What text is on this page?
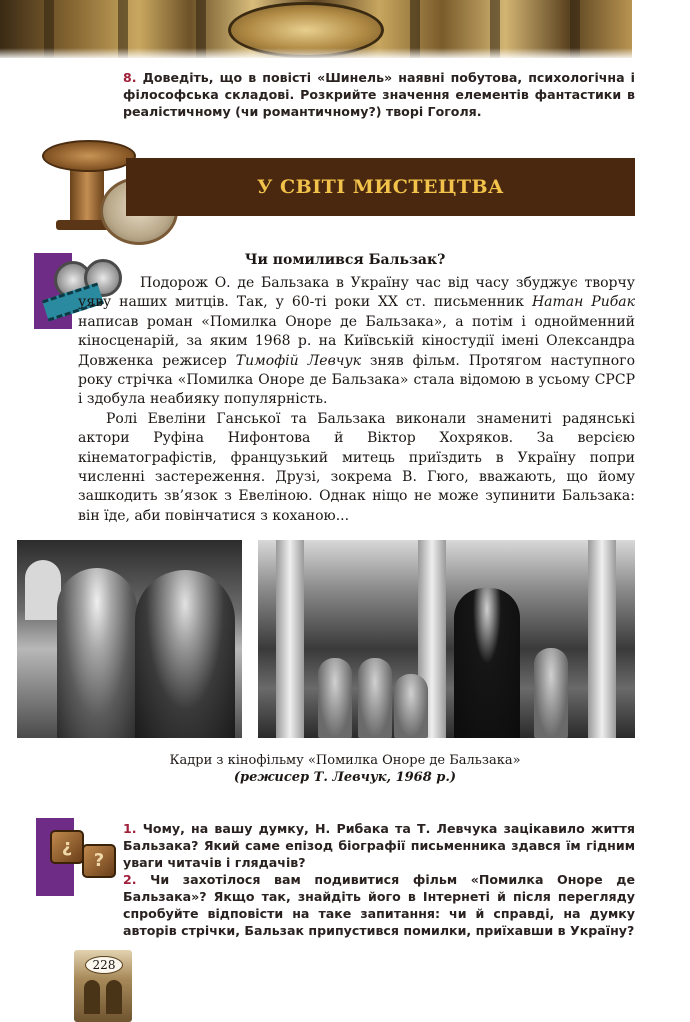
8. Доведіть, що в повісті «Шинель» наявні побутова, психологічна і філософська складові. Розкрийте значення елементів фантастики в реалістичному (чи романтичному?) творі Гоголя.
У СВІТІ МИСТЕЦТВА
Чи помилився Бальзак?

Подорож О. де Бальзака в Україну час від часу збуджує творчу уяву наших митців. Так, у 60-ті роки XX ст. письменник Натан Рибак написав роман «Помилка Оноре де Бальзака», а потім і однойменний кіносценарій, за яким 1968 р. на Київській кіностудії імені Олександра Довженка режисер Тимофій Левчук зняв фільм. Протягом наступного року стрічка «Помилка Оноре де Бальзака» стала відомою в усьому СРСР і здобула неабияку популярність.

Ролі Евеліни Ганської та Бальзака виконали знамениті радянські актори Руфіна Нифонтова й Віктор Хохряков. За версією кінематографістів, французький митець приїздить в Україну попри численні застереження. Друзі, зокрема В. Гюго, вважають, що йому зашкодить зв’язок з Евеліною. Однак ніщо не може зупинити Бальзака: він їде, аби повінчатися з коханою...

Кадри з кінофільму «Помилка Оноре де Бальзака»
(режисер Т. Левчук, 1968 р.)
¿
?

1. Чому, на вашу думку, Н. Рибака та Т. Левчука зацікавило життя Бальзака? Який саме епізод біографії письменника здався їм гідним уваги читачів і глядачів?

2. Чи захотілося вам подивитися фільм «Помилка Оноре де Бальзака»? Якщо так, знайдіть його в Інтернеті й після перегляду спробуйте відповісти на таке запитання: чи й справді, на думку авторів стрічки, Бальзак припустився помилки, приїхавши в Україну?

228
